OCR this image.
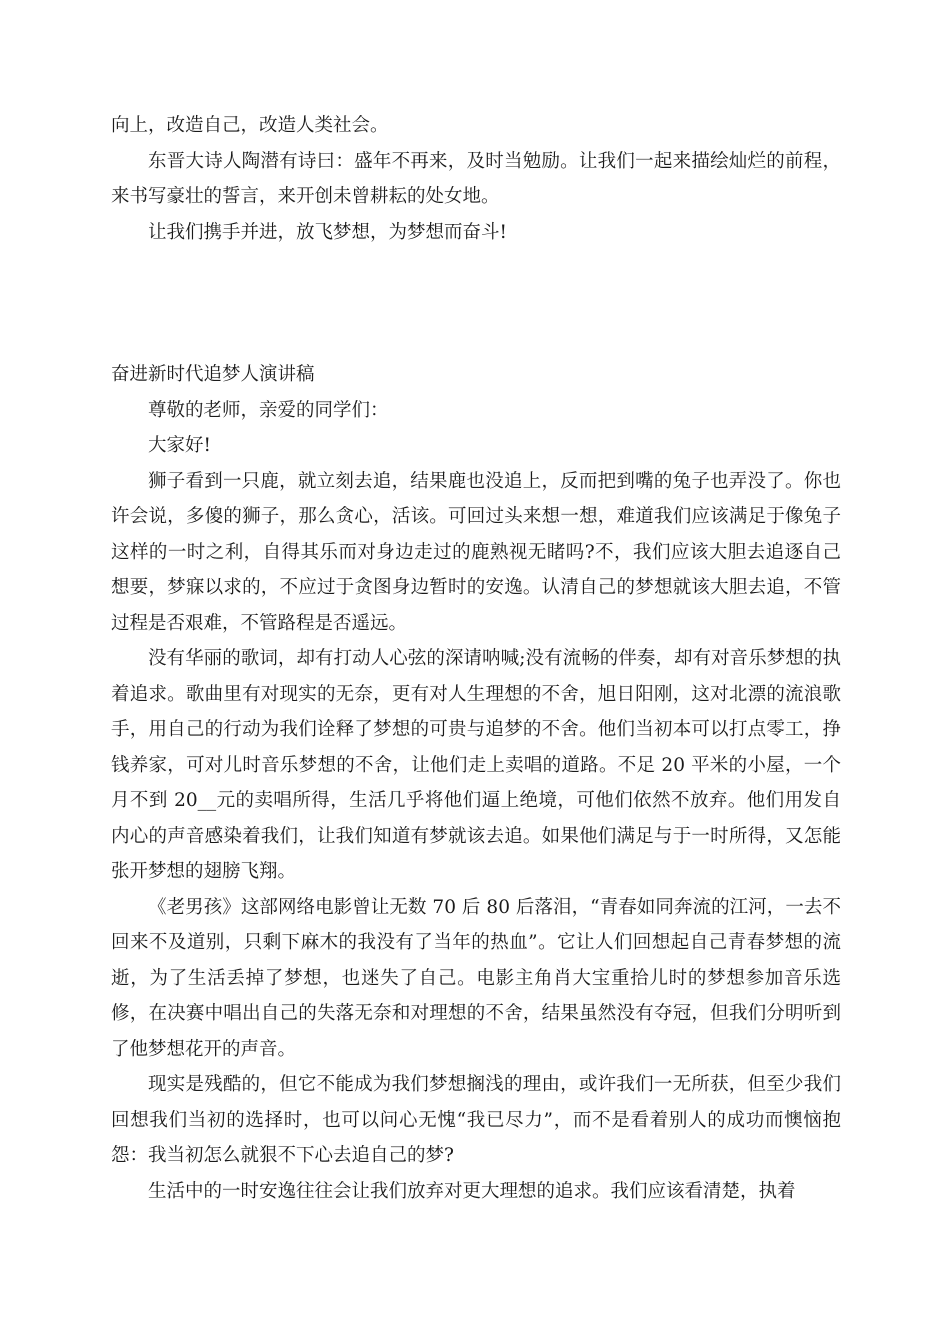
向上，改造自己，改造人类社会。

东晋大诗人陶潜有诗曰：盛年不再来，及时当勉励。让我们一起来描绘灿烂的前程，来书写豪壮的誓言，来开创未曾耕耘的处女地。

让我们携手并进，放飞梦想，为梦想而奋斗!

奋进新时代追梦人演讲稿

尊敬的老师，亲爱的同学们：

大家好!

狮子看到一只鹿，就立刻去追，结果鹿也没追上，反而把到嘴的兔子也弄没了。你也许会说，多傻的狮子，那么贪心，活该。可回过头来想一想，难道我们应该满足于像兔子这样的一时之利，自得其乐而对身边走过的鹿熟视无睹吗?不，我们应该大胆去追逐自己想要，梦寐以求的，不应过于贪图身边暂时的安逸。认清自己的梦想就该大胆去追，不管过程是否艰难，不管路程是否遥远。

没有华丽的歌词，却有打动人心弦的深请呐喊;没有流畅的伴奏，却有对音乐梦想的执着追求。歌曲里有对现实的无奈，更有对人生理想的不舍，旭日阳刚，这对北漂的流浪歌手，用自己的行动为我们诠释了梦想的可贵与追梦的不舍。他们当初本可以打点零工，挣钱养家，可对儿时音乐梦想的不舍，让他们走上卖唱的道路。不足 20 平米的小屋，一个月不到 20__元的卖唱所得，生活几乎将他们逼上绝境，可他们依然不放弃。他们用发自内心的声音感染着我们，让我们知道有梦就该去追。如果他们满足与于一时所得，又怎能张开梦想的翅膀飞翔。

《老男孩》这部网络电影曾让无数 70 后 80 后落泪，“青春如同奔流的江河，一去不回来不及道别，只剩下麻木的我没有了当年的热血”。它让人们回想起自己青春梦想的流逝，为了生活丢掉了梦想，也迷失了自己。电影主角肖大宝重拾儿时的梦想参加音乐选修，在决赛中唱出自己的失落无奈和对理想的不舍，结果虽然没有夺冠，但我们分明听到了他梦想花开的声音。

现实是残酷的，但它不能成为我们梦想搁浅的理由，或许我们一无所获，但至少我们回想我们当初的选择时，也可以问心无愧“我已尽力”，而不是看着别人的成功而懊恼抱怨：我当初怎么就狠不下心去追自己的梦?

生活中的一时安逸往往会让我们放弃对更大理想的追求。我们应该看清楚，执着
